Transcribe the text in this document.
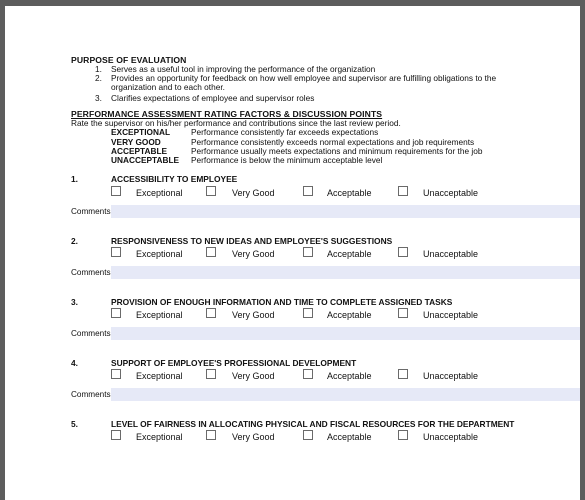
PURPOSE OF EVALUATION
1. Serves as a useful tool in improving the performance of the organization
2. Provides an opportunity for feedback on how well employee and supervisor are fulfilling obligations to the
organization and to each other.
3. Clarifies expectations of employee and supervisor roles
PERFORMANCE ASSESSMENT RATING FACTORS & DISCUSSION POINTS
Rate the supervisor on his/her performance and contributions since the last review period.
EXCEPTIONAL	Performance consistently far exceeds expectations
VERY GOOD	Performance consistently exceeds normal expectations and job requirements
ACCEPTABLE	Performance usually meets expectations and minimum requirements for the job
UNACCEPTABLE Performance is below the minimum acceptable level
1.	ACCESSIBILITY TO EMPLOYEE
Exceptional	Very Good	Acceptable	Unacceptable
Comments
2.	RESPONSIVENESS TO NEW IDEAS AND EMPLOYEE'S SUGGESTIONS
Exceptional	Very Good	Acceptable	Unacceptable
Comments
3.	PROVISION OF ENOUGH INFORMATION AND TIME TO COMPLETE ASSIGNED TASKS
Exceptional	Very Good	Acceptable	Unacceptable
Comments
4.	SUPPORT OF EMPLOYEE'S PROFESSIONAL DEVELOPMENT
Exceptional	Very Good	Acceptable	Unacceptable
Comments
5.	LEVEL OF FAIRNESS IN ALLOCATING PHYSICAL AND FISCAL RESOURCES FOR THE DEPARTMENT
Exceptional	Very Good	Acceptable	Unacceptable
